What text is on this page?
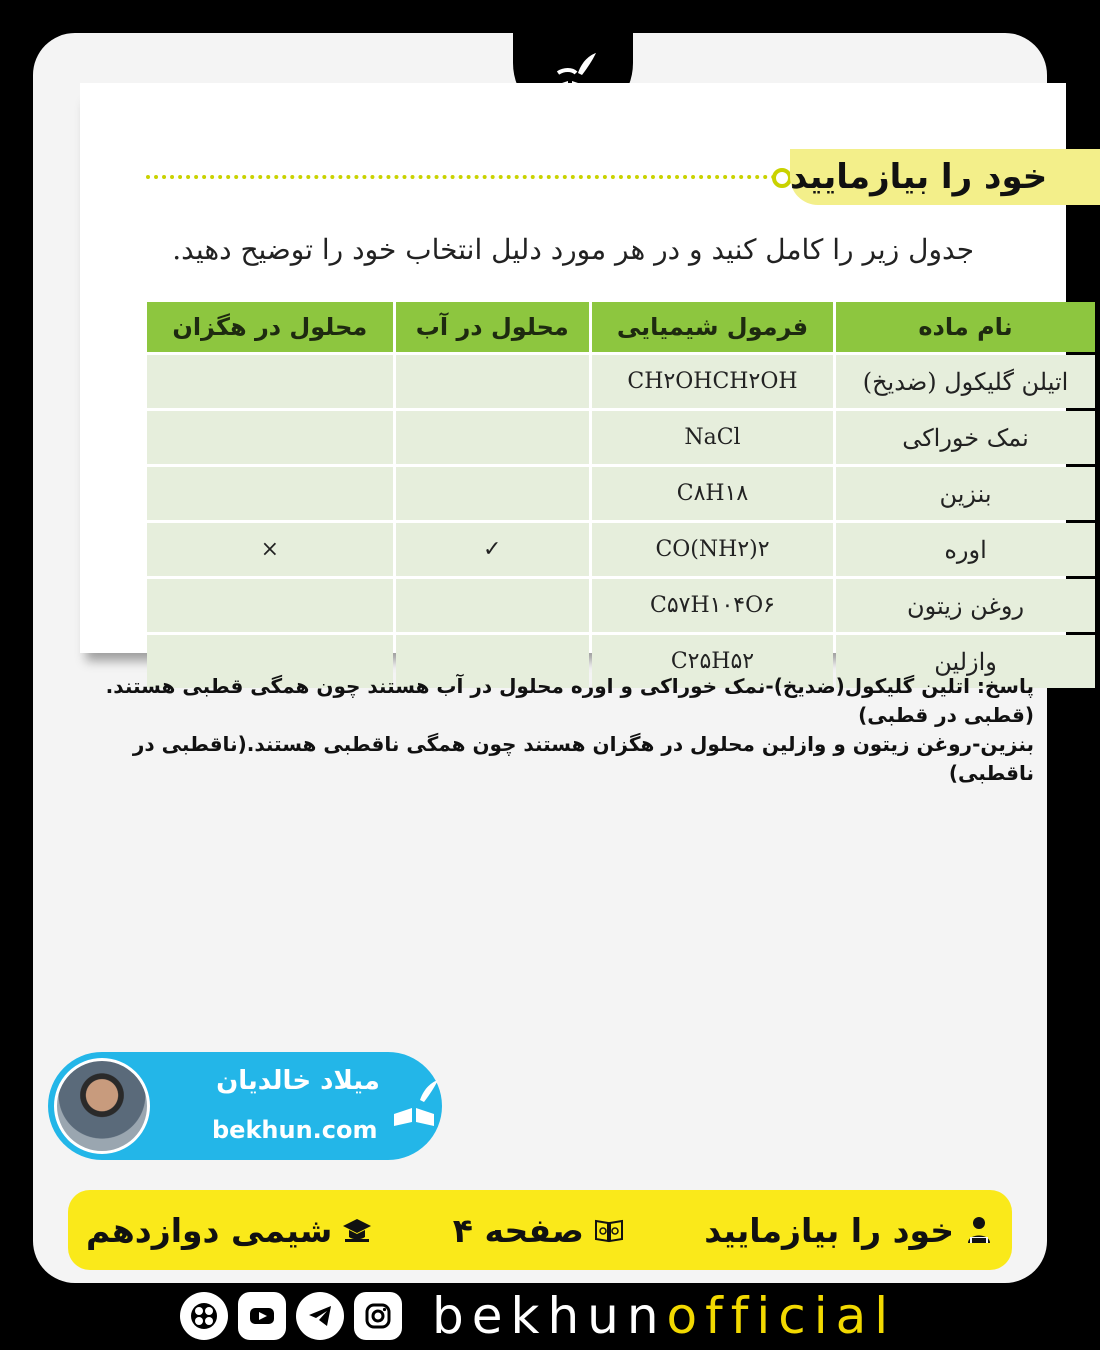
خود را بیازمایید
جدول زیر را کامل کنید و در هر مورد دلیل انتخاب خود را توضیح دهید.
نام ماده	فرمول شیمیایی	محلول در آب	محلول در هگزان
اتیلن گلیکول (ضدیخ)	CH۲OHCH۲OH		
نمک خوراکی	NaCl		
بنزین	C۸H۱۸		
اوره	CO(NH۲)۲	✓	×
روغن زیتون	C۵۷H۱۰۴O۶		
وازلین	C۲۵H۵۲		

پاسخ: اتلین گلیکول(ضدیخ)-نمک خوراکی و اوره محلول در آب هستند چون همگی قطبی هستند.(قطبی در قطبی)

بنزین-روغن زیتون و وازلین محلول در هگزان هستند چون همگی ناقطبی هستند.(ناقطبی در ناقطبی)

میلاد خالدیان
bekhun.com
خود را بیازمایید
صفحه ۴
شیمی دوازدهم
bekhunofficial
